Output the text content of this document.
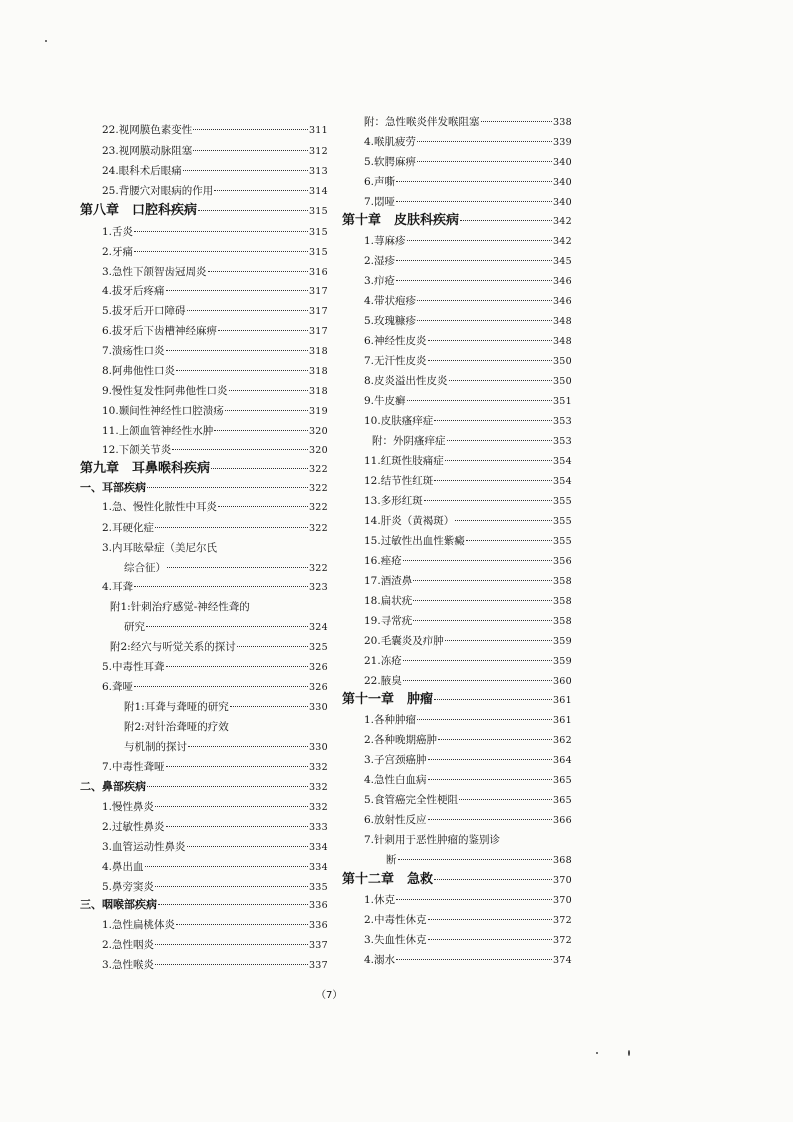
22.视网膜色素变性	311
23.视网膜动脉阻塞	312
24.眼科术后眼痛	313
25.背腰穴对眼病的作用	314
第八章　口腔科疾病	315
1.舌炎	315
2.牙痛	315
3.急性下颌智齿冠周炎	316
4.拔牙后疼痛	317
5.拔牙后开口障碍	317
6.拔牙后下齿槽神经麻痹	317
7.溃疡性口炎	318
8.阿弗他性口炎	318
9.慢性复发性阿弗他性口炎	318
10.颞间性神经性口腔溃疡	319
11.上颌血管神经性水肿	320
12.下颌关节炎	320
第九章　耳鼻喉科疾病	322
一、耳部疾病	322
1.急、慢性化脓性中耳炎	322
2.耳硬化症	322
3.内耳眩晕症（美尼尔氏
综合征）	322
4.耳聋	323
附1:针刺治疗感觉-神经性聋的
研究	324
附2:经穴与听觉关系的探讨	325
5.中毒性耳聋	326
6.聋哑	326
附1:耳聋与聋哑的研究	330
附2:对针治聋哑的疗效
与机制的探讨	330
7.中毒性聋哑	332
二、鼻部疾病	332
1.慢性鼻炎	332
2.过敏性鼻炎	333
3.血管运动性鼻炎	334
4.鼻出血	334
5.鼻旁窦炎	335
三、咽喉部疾病	336
1.急性扁桃体炎	336
2.急性咽炎	337
3.急性喉炎	337
附：急性喉炎伴发喉阻塞	338
4.喉肌疲劳	339
5.软腭麻痹	340
6.声嘶	340
7.悶哑	340
第十章　皮肤科疾病	342
1.荨麻疹	342
2.湿疹	345
3.疖疮	346
4.带状疱疹	346
5.玫瑰糠疹	348
6.神经性皮炎	348
7.无汗性皮炎	350
8.皮炎溢出性皮炎	350
9.牛皮癣	351
10.皮肤瘙痒症	353
附：外阴瘙痒症	353
11.红斑性肢痛症	354
12.结节性红斑	354
13.多形红斑	355
14.肝炎（黄褐斑）	355
15.过敏性出血性紫癜	355
16.痤疮	356
17.酒渣鼻	358
18.扁状疣	358
19.寻常疣	358
20.毛囊炎及疖肿	359
21.冻疮	359
22.腋臭	360
第十一章　肿瘤	361
1.各种肿瘤	361
2.各种晚期癌肿	362
3.子宫颈癌肿	364
4.急性白血病	365
5.食管癌完全性梗阻	365
6.放射性反应	366
7.针刺用于恶性肿瘤的鉴别诊
断	368
第十二章　急救	370
1.休克	370
2.中毒性休克	372
3.失血性休克	372
4.溺水	374
（7）
